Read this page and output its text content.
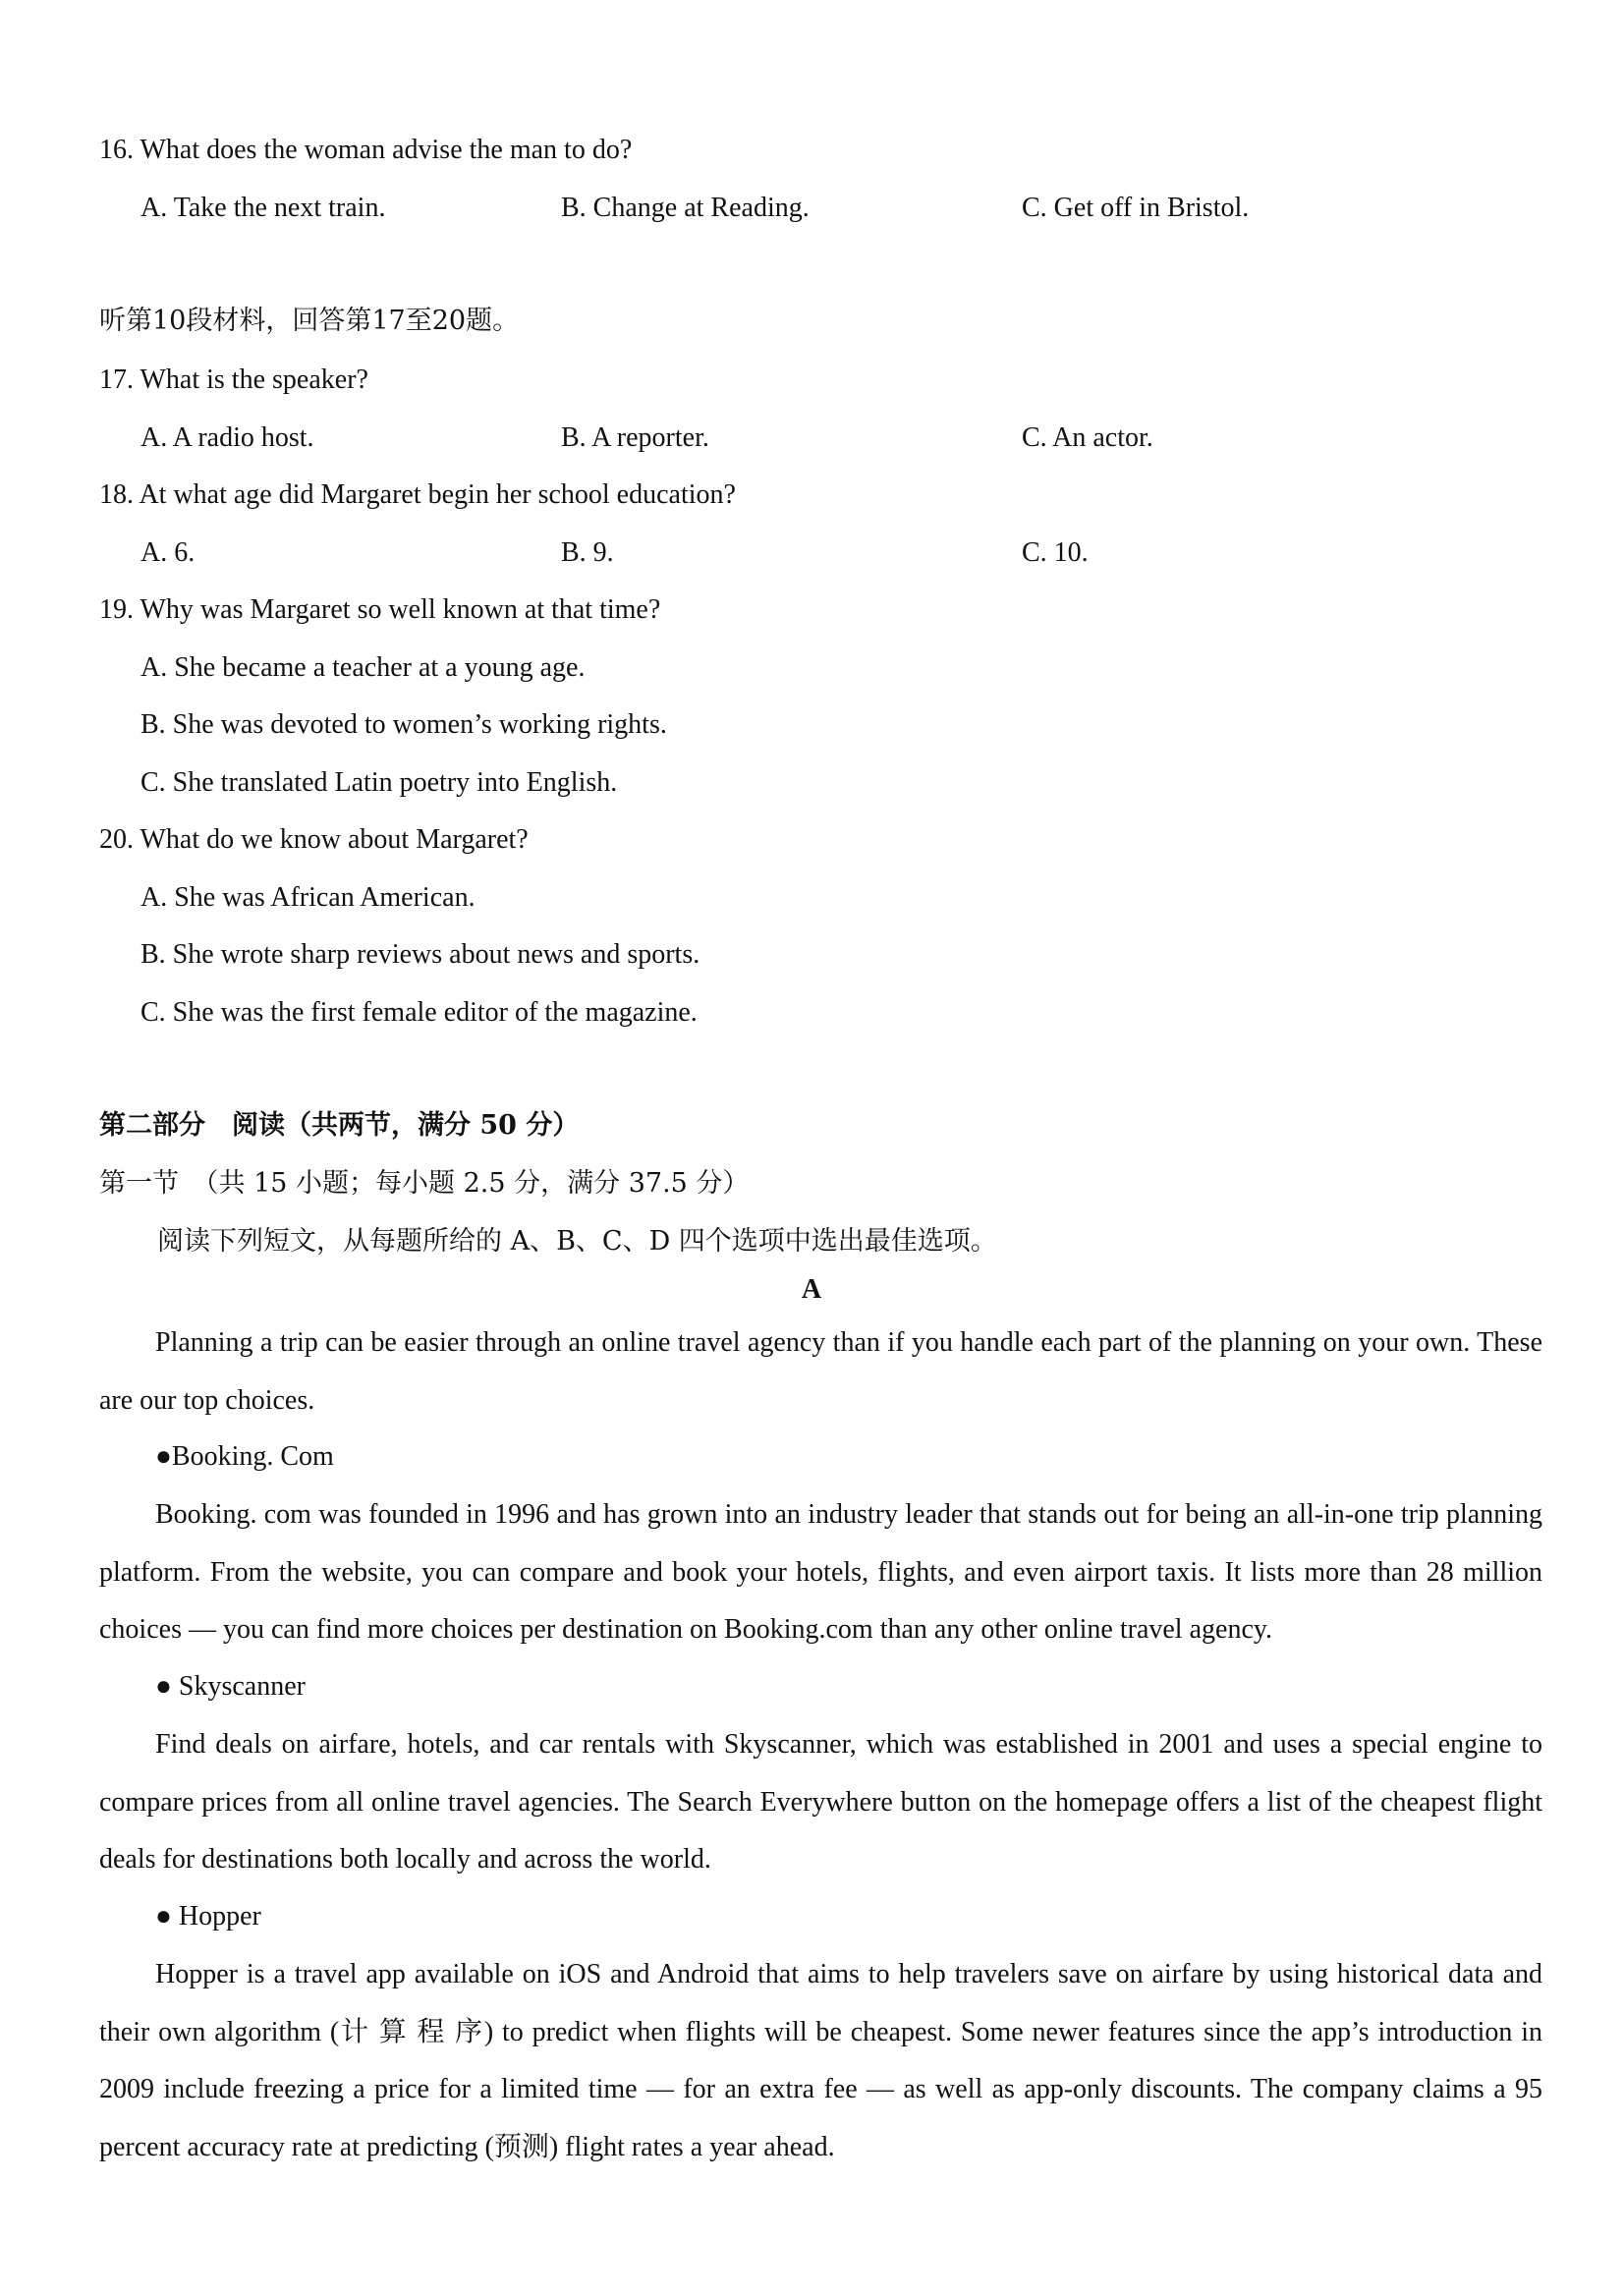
16. What does the woman advise the man to do?
A. Take the next train.	B. Change at Reading.	C. Get off in Bristol.
听第10段材料，回答第17至20题。
17. What is the speaker?
A. A radio host.	B. A reporter.	C. An actor.
18. At what age did Margaret begin her school education?
A. 6.	B. 9.	C. 10.
19. Why was Margaret so well known at that time?
A. She became a teacher at a young age.
B. She was devoted to women’s working rights.
C. She translated Latin poetry into English.
20. What do we know about Margaret?
A. She was African American.
B. She wrote sharp reviews about news and sports.
C. She was the first female editor of the magazine.
第二部分　阅读（共两节，满分 50 分）
第一节　（共 15 小题；每小题 2.5 分，满分 37.5 分）
阅读下列短文，从每题所给的 A、B、C、D 四个选项中选出最佳选项。
A
Planning a trip can be easier through an online travel agency than if you handle each part of the planning on your own. These are our top choices.
●Booking. Com
Booking. com was founded in 1996 and has grown into an industry leader that stands out for being an all-in-one trip planning platform. From the website, you can compare and book your hotels, flights, and even airport taxis. It lists more than 28 million choices — you can find more choices per destination on Booking.com than any other online travel agency.
● Skyscanner
Find deals on airfare, hotels, and car rentals with Skyscanner, which was established in 2001 and uses a special engine to compare prices from all online travel agencies. The Search Everywhere button on the homepage offers a list of the cheapest flight deals for destinations both locally and across the world.
● Hopper
Hopper is a travel app available on iOS and Android that aims to help travelers save on airfare by using historical data and their own algorithm (计 算 程 序) to predict when flights will be cheapest. Some newer features since the app’s introduction in 2009 include freezing a price for a limited time — for an extra fee — as well as app-only discounts. The company claims a 95 percent accuracy rate at predicting (预测) flight rates a year ahead.
